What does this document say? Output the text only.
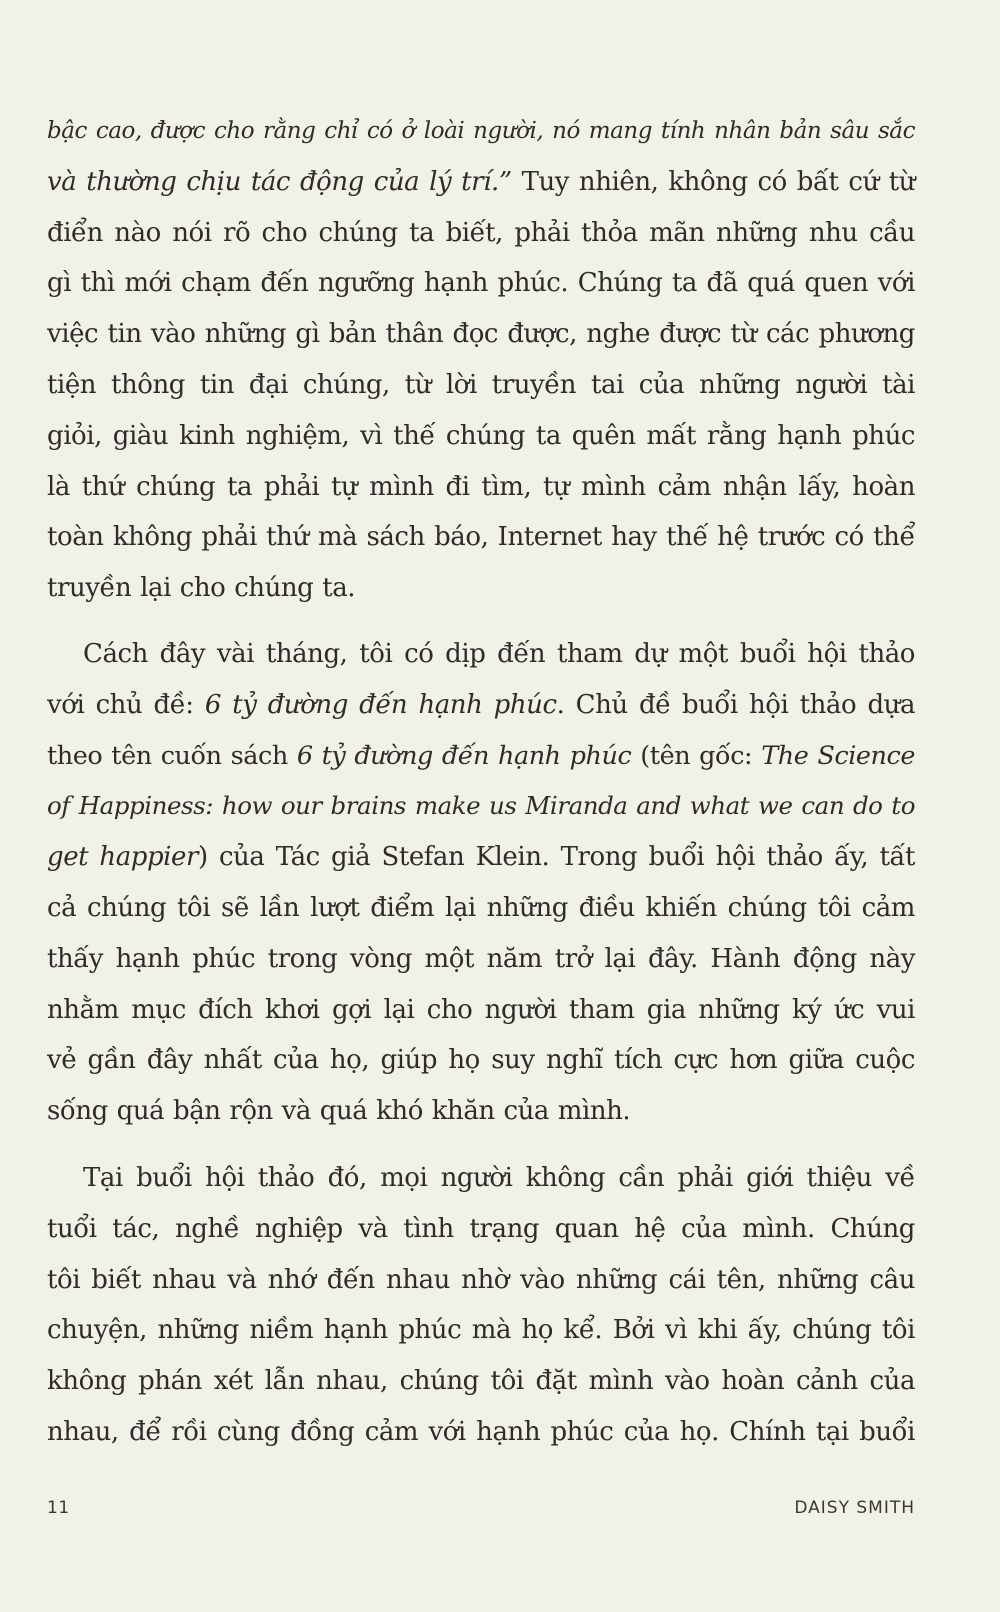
bậc cao, được cho rằng chỉ có ở loài người, nó mang tính nhân bản sâu sắc
và thường chịu tác động của lý trí.” Tuy nhiên, không có bất cứ từ
điển nào nói rõ cho chúng ta biết, phải thỏa mãn những nhu cầu
gì thì mới chạm đến ngưỡng hạnh phúc. Chúng ta đã quá quen với
việc tin vào những gì bản thân đọc được, nghe được từ các phương
tiện thông tin đại chúng, từ lời truyền tai của những người tài
giỏi, giàu kinh nghiệm, vì thế chúng ta quên mất rằng hạnh phúc
là thứ chúng ta phải tự mình đi tìm, tự mình cảm nhận lấy, hoàn
toàn không phải thứ mà sách báo, Internet hay thế hệ trước có thể
truyền lại cho chúng ta.
Cách đây vài tháng, tôi có dịp đến tham dự một buổi hội thảo
với chủ đề: 6 tỷ đường đến hạnh phúc. Chủ đề buổi hội thảo dựa
theo tên cuốn sách 6 tỷ đường đến hạnh phúc (tên gốc: The Science
of Happiness: how our brains make us Miranda and what we can do to
get happier) của Tác giả Stefan Klein. Trong buổi hội thảo ấy, tất
cả chúng tôi sẽ lần lượt điểm lại những điều khiến chúng tôi cảm
thấy hạnh phúc trong vòng một năm trở lại đây. Hành động này
nhằm mục đích khơi gợi lại cho người tham gia những ký ức vui
vẻ gần đây nhất của họ, giúp họ suy nghĩ tích cực hơn giữa cuộc
sống quá bận rộn và quá khó khăn của mình.
Tại buổi hội thảo đó, mọi người không cần phải giới thiệu về
tuổi tác, nghề nghiệp và tình trạng quan hệ của mình. Chúng
tôi biết nhau và nhớ đến nhau nhờ vào những cái tên, những câu
chuyện, những niềm hạnh phúc mà họ kể. Bởi vì khi ấy, chúng tôi
không phán xét lẫn nhau, chúng tôi đặt mình vào hoàn cảnh của
nhau, để rồi cùng đồng cảm với hạnh phúc của họ. Chính tại buổi
11	DAISY SMITH
